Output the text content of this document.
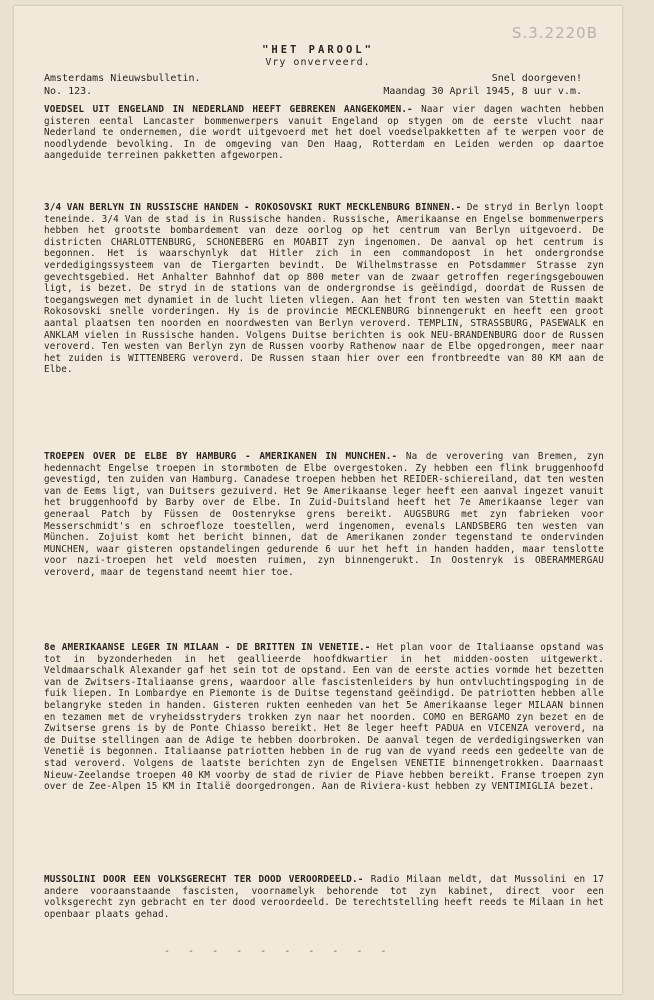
S.3.2220B
"HET PAROOL"
Vry onverveerd.
Amsterdams Nieuwsbulletin.
No. 123.
Snel doorgeven!
Maandag 30 April 1945, 8 uur v.m.
VOEDSEL UIT ENGELAND IN NEDERLAND HEEFT GEBREKEN AANGEKOMEN.- Naar vier dagen wachten hebben gisteren eental Lancaster bommenwerpers vanuit Engeland op stygen om de eerste vlucht naar Nederland te ondernemen, die wordt uitgevoerd met het doel voedselpakketten af te werpen voor de noodlydende bevolking. In de omgeving van Den Haag, Rotterdam en Leiden werden op daartoe aangeduide terreinen pakketten afgeworpen.
3/4 VAN BERLYN IN RUSSISCHE HANDEN - ROKOSOVSKI RUKT MECKLENBURG BINNEN.- De stryd in Berlyn loopt teneinde. 3/4 Van de stad is in Russische handen. Russische, Amerikaanse en Engelse bommenwerpers hebben het grootste bombardement van deze oorlog op het centrum van Berlyn uitgevoerd. De districten CHARLOTTENBURG, SCHONEBERG en MOABIT zyn ingenomen. De aanval op het centrum is begonnen. Het is waarschynlyk dat Hitler zich in een commandopost in het ondergrondse verdedigingssysteem van de Tiergarten bevindt. De Wilhelmstrasse en Potsdammer Strasse zyn gevechtsgebied. Het Anhalter Bahnhof dat op 800 meter van de zwaar getroffen regeringsgebouwen ligt, is bezet. De stryd in de stations van de ondergrondse is geëindigd, doordat de Russen de toegangswegen met dynamiet in de lucht lieten vliegen. Aan het front ten westen van Stettin maakt Rokosovski snelle vorderingen. Hy is de provincie MECKLENBURG binnengerukt en heeft een groot aantal plaatsen ten noorden en noordwesten van Berlyn veroverd. TEMPLIN, STRASSBURG, PASEWALK en ANKLAM vielen in Russische handen. Volgens Duitse berichten is ook NEU-BRANDENBURG door de Russen veroverd. Ten westen van Berlyn zyn de Russen voorby Rathenow naar de Elbe opgedrongen, meer naar het zuiden is WITTENBERG veroverd. De Russen staan hier over een frontbreedte van 80 KM aan de Elbe.
TROEPEN OVER DE ELBE BY HAMBURG - AMERIKANEN IN MUNCHEN.- Na de verovering van Bremen, zyn hedennacht Engelse troepen in stormboten de Elbe overgestoken. Zy hebben een flink bruggenhoofd gevestigd, ten zuiden van Hamburg. Canadese troepen hebben het REIDER-schiereiland, dat ten westen van de Eems ligt, van Duitsers gezuiverd. Het 9e Amerikaanse leger heeft een aanval ingezet vanuit het bruggenhoofd by Barby over de Elbe. In Zuid-Duitsland heeft het 7e Amerikaanse leger van generaal Patch by Füssen de Oostenrykse grens bereikt. AUGSBURG met zyn fabrieken voor Messerschmidt's en schroefloze toestellen, werd ingenomen, evenals LANDSBERG ten westen van München. Zojuist komt het bericht binnen, dat de Amerikanen zonder tegenstand te ondervinden MUNCHEN, waar gisteren opstandelingen gedurende 6 uur het heft in handen hadden, maar tenslotte voor nazi-troepen het veld moesten ruimen, zyn binnengerukt. In Oostenryk is OBERAMMERGAU veroverd, maar de tegenstand neemt hier toe.
8e AMERIKAANSE LEGER IN MILAAN - DE BRITTEN IN VENETIE.- Het plan voor de Italiaanse opstand was tot in byzonderheden in het geallieerde hoofdkwartier in het midden-oosten uitgewerkt. Veldmaarschalk Alexander gaf het sein tot de opstand. Een van de eerste acties vormde het bezetten van de Zwitsers-Italiaanse grens, waardoor alle fascistenleiders by hun ontvluchtingspoging in de fuik liepen. In Lombardye en Piemonte is de Duitse tegenstand geëindigd. De patriotten hebben alle belangryke steden in handen. Gisteren rukten eenheden van het 5e Amerikaanse leger MILAAN binnen en tezamen met de vryheidsstryders trokken zyn naar het noorden. COMO en BERGAMO zyn bezet en de Zwitserse grens is by de Ponte Chiasso bereikt. Het 8e leger heeft PADUA en VICENZA veroverd, na de Duitse stellingen aan de Adige te hebben doorbroken. De aanval tegen de verdedigingswerken van Venetië is begonnen. Italiaanse patriotten hebben in de rug van de vyand reeds een gedeelte van de stad veroverd. Volgens de laatste berichten zyn de Engelsen VENETIE binnengetrokken. Daarnaast Nieuw-Zeelandse troepen 40 KM voorby de stad de rivier de Piave hebben bereikt. Franse troepen zyn over de Zee-Alpen 15 KM in Italië doorgedrongen. Aan de Riviera-kust hebben zy VENTIMIGLIA bezet.
MUSSOLINI DOOR EEN VOLKSGERECHT TER DOOD VEROORDEELD.- Radio Milaan meldt, dat Mussolini en 17 andere vooraanstaande fascisten, voornamelyk behorende tot zyn kabinet, direct voor een volksgerecht zyn gebracht en ter dood veroordeeld. De terechtstelling heeft reeds te Milaan in het openbaar plaats gehad.
- - - - - - - - - -
